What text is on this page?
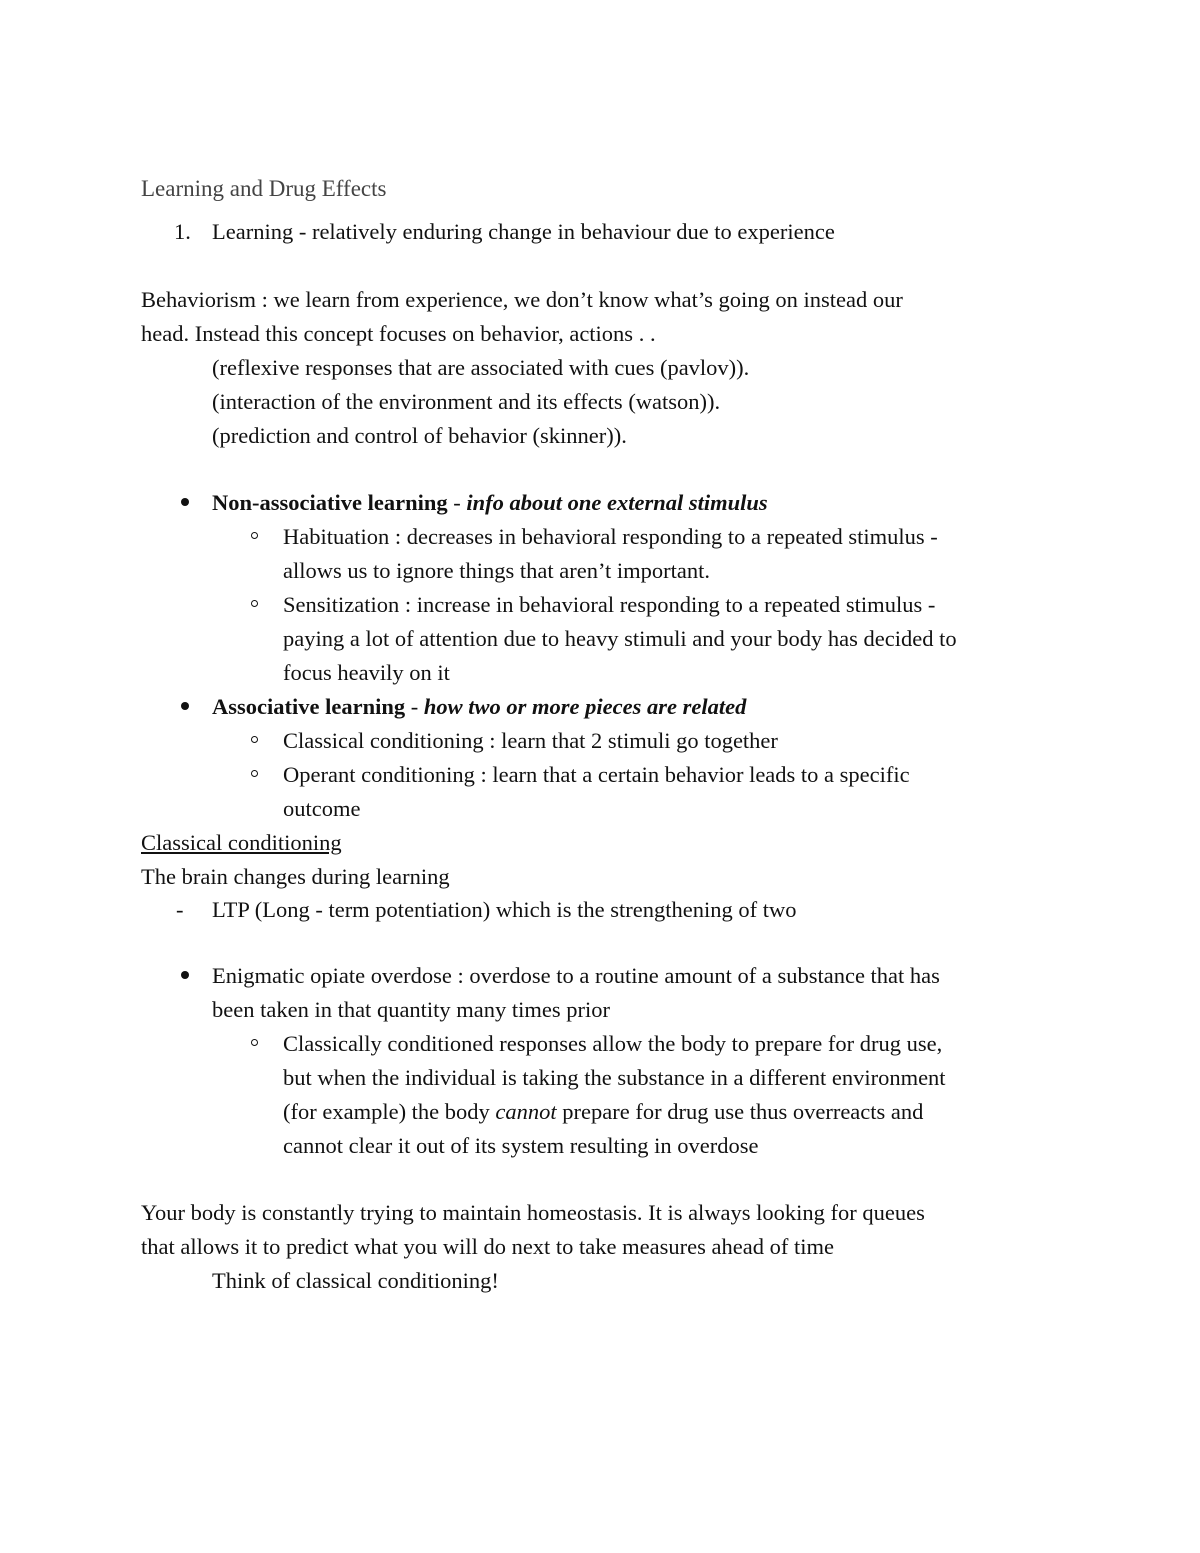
Learning and Drug Effects
1. Learning - relatively enduring change in behaviour due to experience
Behaviorism : we learn from experience, we don’t know what’s going on instead our
head. Instead this concept focuses on behavior, actions . .
(reflexive responses that are associated with cues (pavlov)).
(interaction of the environment and its effects (watson)).
(prediction and control of behavior (skinner)).
Non-associative learning - info about one external stimulus
Habituation : decreases in behavioral responding to a repeated stimulus -
allows us to ignore things that aren’t important.
Sensitization : increase in behavioral responding to a repeated stimulus -
paying a lot of attention due to heavy stimuli and your body has decided to
focus heavily on it
Associative learning - how two or more pieces are related
Classical conditioning : learn that 2 stimuli go together
Operant conditioning : learn that a certain behavior leads to a specific
outcome
Classical conditioning
The brain changes during learning
- LTP (Long - term potentiation) which is the strengthening of two
Enigmatic opiate overdose : overdose to a routine amount of a substance that has
been taken in that quantity many times prior
Classically conditioned responses allow the body to prepare for drug use,
but when the individual is taking the substance in a different environment
(for example) the body cannot prepare for drug use thus overreacts and
cannot clear it out of its system resulting in overdose
Your body is constantly trying to maintain homeostasis. It is always looking for queues
that allows it to predict what you will do next to take measures ahead of time
Think of classical conditioning!
